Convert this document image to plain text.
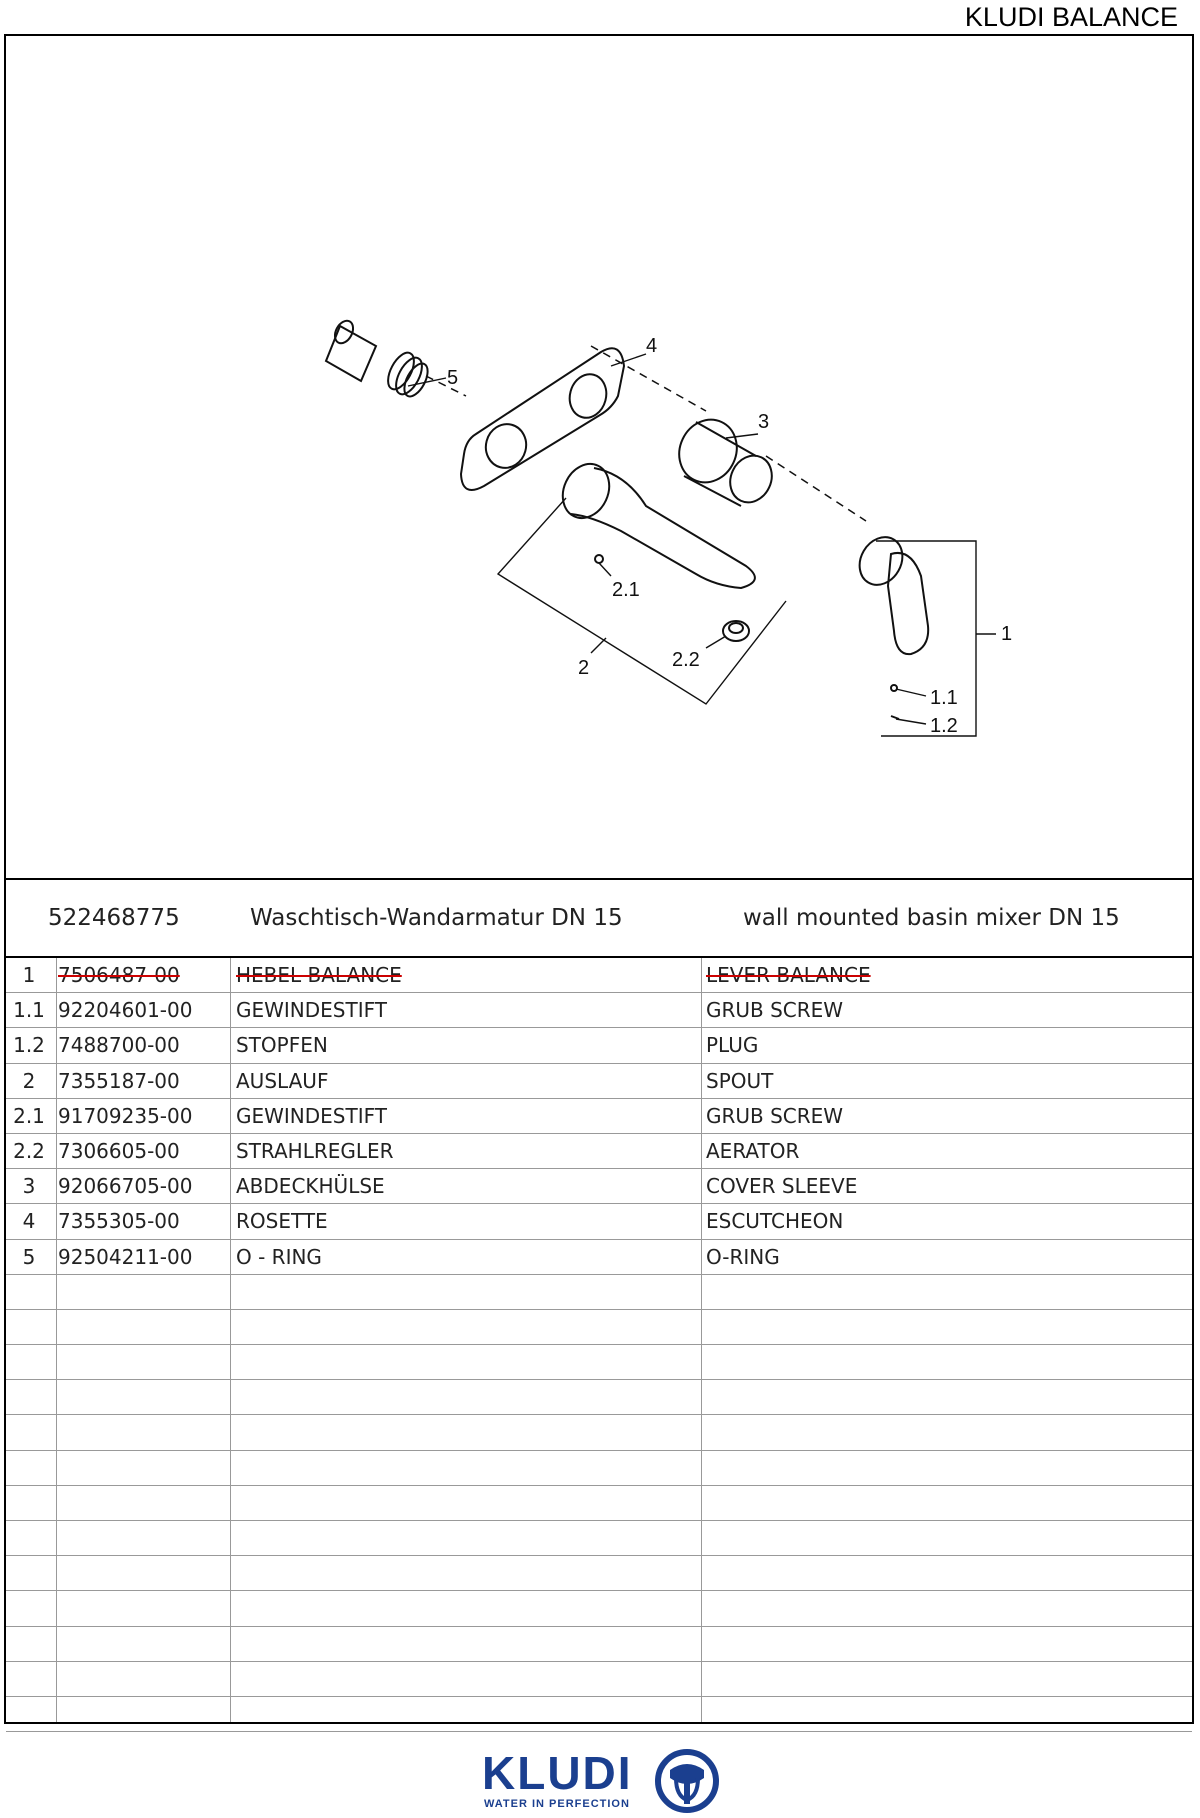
KLUDI BALANCE
5
4
3
1
1.1
1.2
2.1
2.2
2
522468775	Waschtisch-Wandarmatur DN 15	wall mounted basin mixer DN 15
1	7506487-00	HEBEL BALANCE	LEVER BALANCE
1.1 92204601-00 GEWINDESTIFT	GRUB SCREW
1.2 7488700-00	STOPFEN	PLUG
2	7355187-00	AUSLAUF	SPOUT
2.1 91709235-00 GEWINDESTIFT	GRUB SCREW
2.2 7306605-00	STRAHLREGLER	AERATOR
3	92066705-00 ABDECKHÜLSE	COVER SLEEVE
4	7355305-00	ROSETTE	ESCUTCHEON
5	92504211-00 O - RING	O-RING
KLUDI
WATER IN PERFECTION
